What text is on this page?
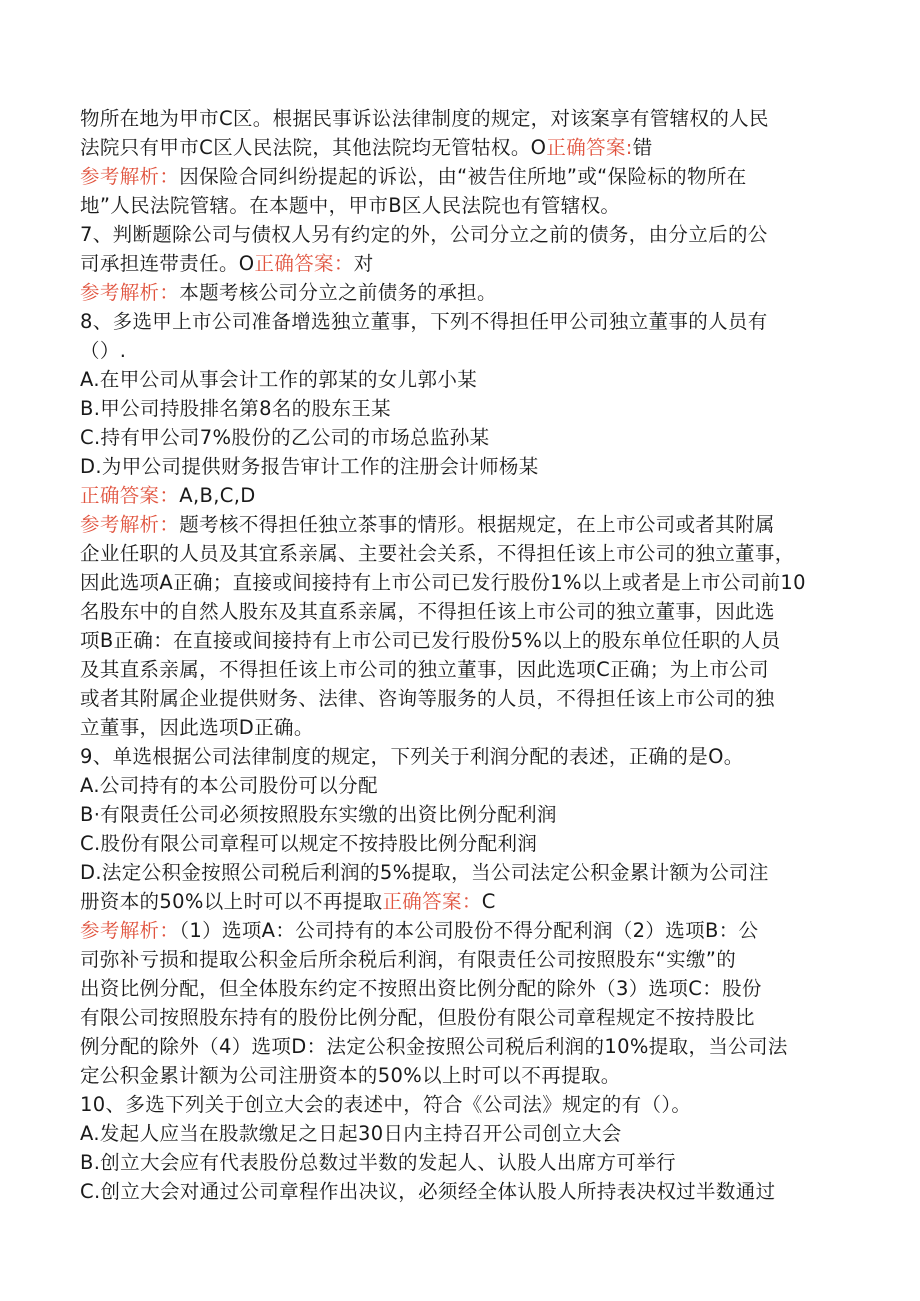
物所在地为甲市C区。根据民事诉讼法律制度的规定，对该案享有管辖权的人民
法院只有甲市C区人民法院，其他法院均无管牯权。O正确答案:错
参考解析：因保险合同纠纷提起的诉讼，由“被告住所地”或“保险标的物所在
地”人民法院管辖。在本题中，甲市B区人民法院也有管辖权。
7、判断题除公司与债权人另有约定的外，公司分立之前的债务，由分立后的公
司承担连带责任。O正确答案：对
参考解析：本题考核公司分立之前债务的承担。
8、多选甲上市公司准备增选独立董事，下列不得担任甲公司独立董事的人员有
（）.
A.在甲公司从事会计工作的郭某的女儿郭小某
B.甲公司持股排名第8名的股东王某
C.持有甲公司7%股份的乙公司的市场总监孙某
D.为甲公司提供财务报告审计工作的注册会计师杨某
正确答案：A,B,C,D
参考解析：题考核不得担任独立茶事的情形。根据规定，在上市公司或者其附属
企业任职的人员及其宜系亲属、主要社会关系，不得担任该上市公司的独立董事，
因此选项A正确；直接或间接持有上市公司已发行股份1%以上或者是上市公司前10
名股东中的自然人股东及其直系亲属，不得担任该上市公司的独立董事，因此选
项B正确：在直接或间接持有上市公司已发行股份5%以上的股东单位任职的人员
及其直系亲属，不得担任该上市公司的独立董事，因此选项C正确；为上市公司
或者其附属企业提供财务、法律、咨询等服务的人员，不得担任该上市公司的独
立董事，因此选项D正确。
9、单选根据公司法律制度的规定，下列关于利润分配的表述，正确的是O。
A.公司持有的本公司股份可以分配
B·有限责任公司必须按照股东实缴的出资比例分配利润
C.股份有限公司章程可以规定不按持股比例分配利润
D.法定公积金按照公司税后利润的5%提取，当公司法定公积金累计额为公司注
册资本的50%以上时可以不再提取正确答案：C
参考解析：（1）选项A：公司持有的本公司股份不得分配利润（2）选项B：公
司弥补亏损和提取公积金后所余税后利润，有限责任公司按照股东“实缴”的
出资比例分配，但全体股东约定不按照出资比例分配的除外（3）选项C：股份
有限公司按照股东持有的股份比例分配，但股份有限公司章程规定不按持股比
例分配的除外（4）选项D：法定公积金按照公司税后利润的10%提取，当公司法
定公积金累计额为公司注册资本的50%以上时可以不再提取。
10、多选下列关于创立大会的表述中，符合《公司法》规定的有（）。
A.发起人应当在股款缴足之日起30日内主持召开公司创立大会
B.创立大会应有代表股份总数过半数的发起人、认股人出席方可举行
C.创立大会对通过公司章程作出决议，必须经全体认股人所持表决权过半数通过
